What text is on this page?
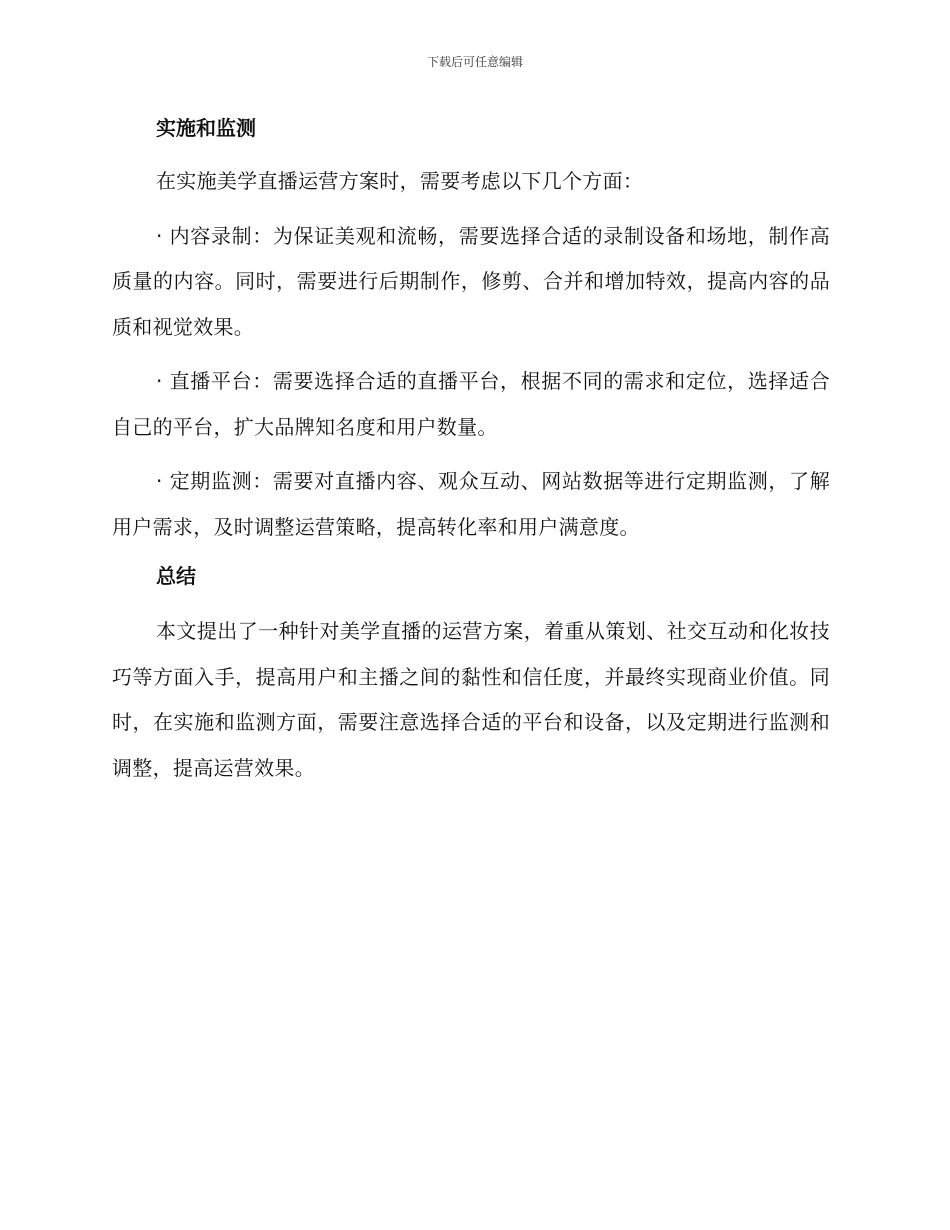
下载后可任意编辑
实施和监测

在实施美学直播运营方案时，需要考虑以下几个方面：

· 内容录制：为保证美观和流畅，需要选择合适的录制设备和场地，制作高质量的内容。同时，需要进行后期制作，修剪、合并和增加特效，提高内容的品质和视觉效果。

· 直播平台：需要选择合适的直播平台，根据不同的需求和定位，选择适合自己的平台，扩大品牌知名度和用户数量。

· 定期监测：需要对直播内容、观众互动、网站数据等进行定期监测，了解用户需求，及时调整运营策略，提高转化率和用户满意度。

总结

本文提出了一种针对美学直播的运营方案，着重从策划、社交互动和化妆技巧等方面入手，提高用户和主播之间的黏性和信任度，并最终实现商业价值。同时，在实施和监测方面，需要注意选择合适的平台和设备，以及定期进行监测和调整，提高运营效果。
